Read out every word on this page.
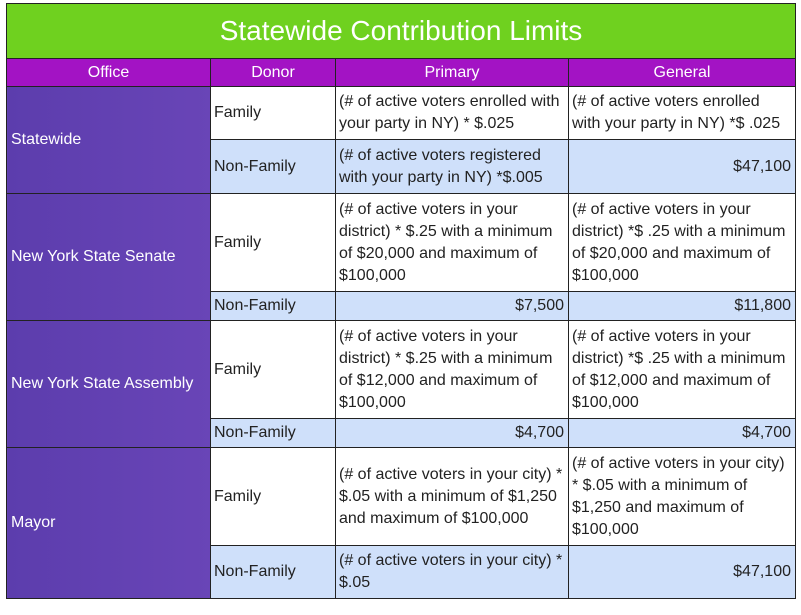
Statewide Contribution Limits			
Office	Donor	Primary	General
Statewide	Family	(# of active voters enrolled with your party in NY) * $.025	(# of active voters enrolled with your party in NY) *$ .025
	Non-Family	(# of active voters registered with your party in NY) *$.005	$47,100
New York State Senate	Family	(# of active voters in your district) * $.25 with a minimum of $20,000 and maximum of $100,000	(# of active voters in your district) *$ .25 with a minimum of $20,000 and maximum of $100,000
	Non-Family	$7,500	$11,800
New York State Assembly	Family	(# of active voters in your district) * $.25 with a minimum of $12,000 and maximum of $100,000	(# of active voters in your district) *$ .25 with a minimum of $12,000 and maximum of $100,000
	Non-Family	$4,700	$4,700
Mayor	Family	(# of active voters in your city) * $.05 with a minimum of $1,250 and maximum of $100,000	(# of active voters in your city) * $.05 with a minimum of $1,250 and maximum of $100,000
	Non-Family	(# of active voters in your city) * $.05	$47,100
